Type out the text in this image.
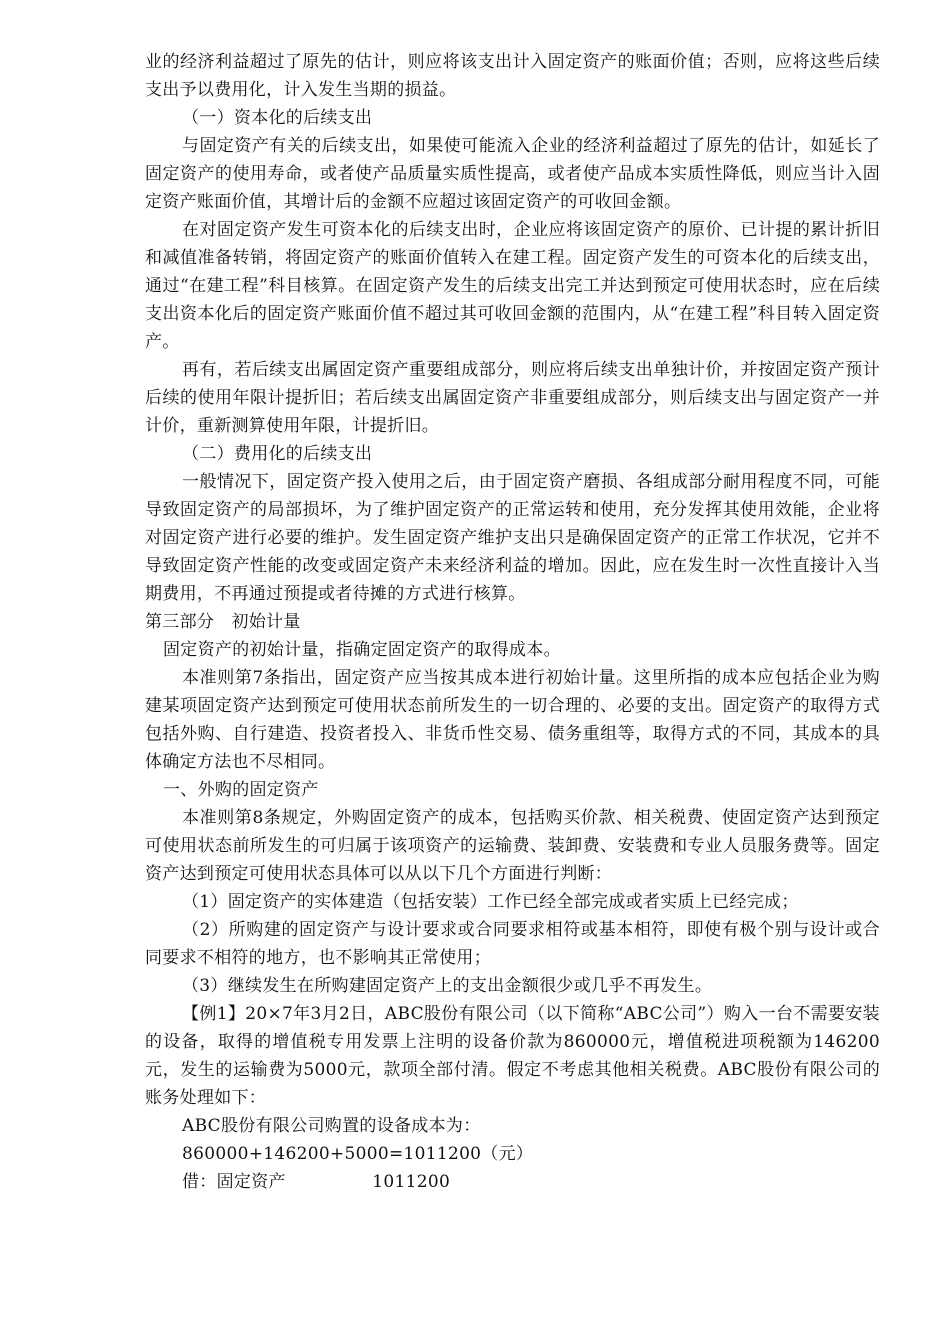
业的经济利益超过了原先的估计，则应将该支出计入固定资产的账面价值；否则，应将这些后续支出予以费用化，计入发生当期的损益。

（一）资本化的后续支出

与固定资产有关的后续支出，如果使可能流入企业的经济利益超过了原先的估计，如延长了固定资产的使用寿命，或者使产品质量实质性提高，或者使产品成本实质性降低，则应当计入固定资产账面价值，其增计后的金额不应超过该固定资产的可收回金额。

在对固定资产发生可资本化的后续支出时，企业应将该固定资产的原价、已计提的累计折旧和减值准备转销，将固定资产的账面价值转入在建工程。固定资产发生的可资本化的后续支出，通过“在建工程”科目核算。在固定资产发生的后续支出完工并达到预定可使用状态时，应在后续支出资本化后的固定资产账面价值不超过其可收回金额的范围内，从“在建工程”科目转入固定资产。

再有，若后续支出属固定资产重要组成部分，则应将后续支出单独计价，并按固定资产预计后续的使用年限计提折旧；若后续支出属固定资产非重要组成部分，则后续支出与固定资产一并计价，重新测算使用年限，计提折旧。

（二）费用化的后续支出

一般情况下，固定资产投入使用之后，由于固定资产磨损、各组成部分耐用程度不同，可能导致固定资产的局部损坏，为了维护固定资产的正常运转和使用，充分发挥其使用效能，企业将对固定资产进行必要的维护。发生固定资产维护支出只是确保固定资产的正常工作状况，它并不导致固定资产性能的改变或固定资产未来经济利益的增加。因此，应在发生时一次性直接计入当期费用，不再通过预提或者待摊的方式进行核算。

第三部分　初始计量

固定资产的初始计量，指确定固定资产的取得成本。

本准则第7条指出，固定资产应当按其成本进行初始计量。这里所指的成本应包括企业为购建某项固定资产达到预定可使用状态前所发生的一切合理的、必要的支出。固定资产的取得方式包括外购、自行建造、投资者投入、非货币性交易、债务重组等，取得方式的不同，其成本的具体确定方法也不尽相同。

一、外购的固定资产

本准则第8条规定，外购固定资产的成本，包括购买价款、相关税费、使固定资产达到预定可使用状态前所发生的可归属于该项资产的运输费、装卸费、安装费和专业人员服务费等。固定资产达到预定可使用状态具体可以从以下几个方面进行判断：

（1）固定资产的实体建造（包括安装）工作已经全部完成或者实质上已经完成；

（2）所购建的固定资产与设计要求或合同要求相符或基本相符，即使有极个别与设计或合同要求不相符的地方，也不影响其正常使用；

（3）继续发生在所购建固定资产上的支出金额很少或几乎不再发生。

【例1】20×7年3月2日，ABC股份有限公司（以下简称“ABC公司”）购入一台不需要安装的设备，取得的增值税专用发票上注明的设备价款为860000元，增值税进项税额为146200元，发生的运输费为5000元，款项全部付清。假定不考虑其他相关税费。ABC股份有限公司的账务处理如下：

ABC股份有限公司购置的设备成本为：

860000+146200+5000=1011200（元）

借：固定资产　　　　　1011200
